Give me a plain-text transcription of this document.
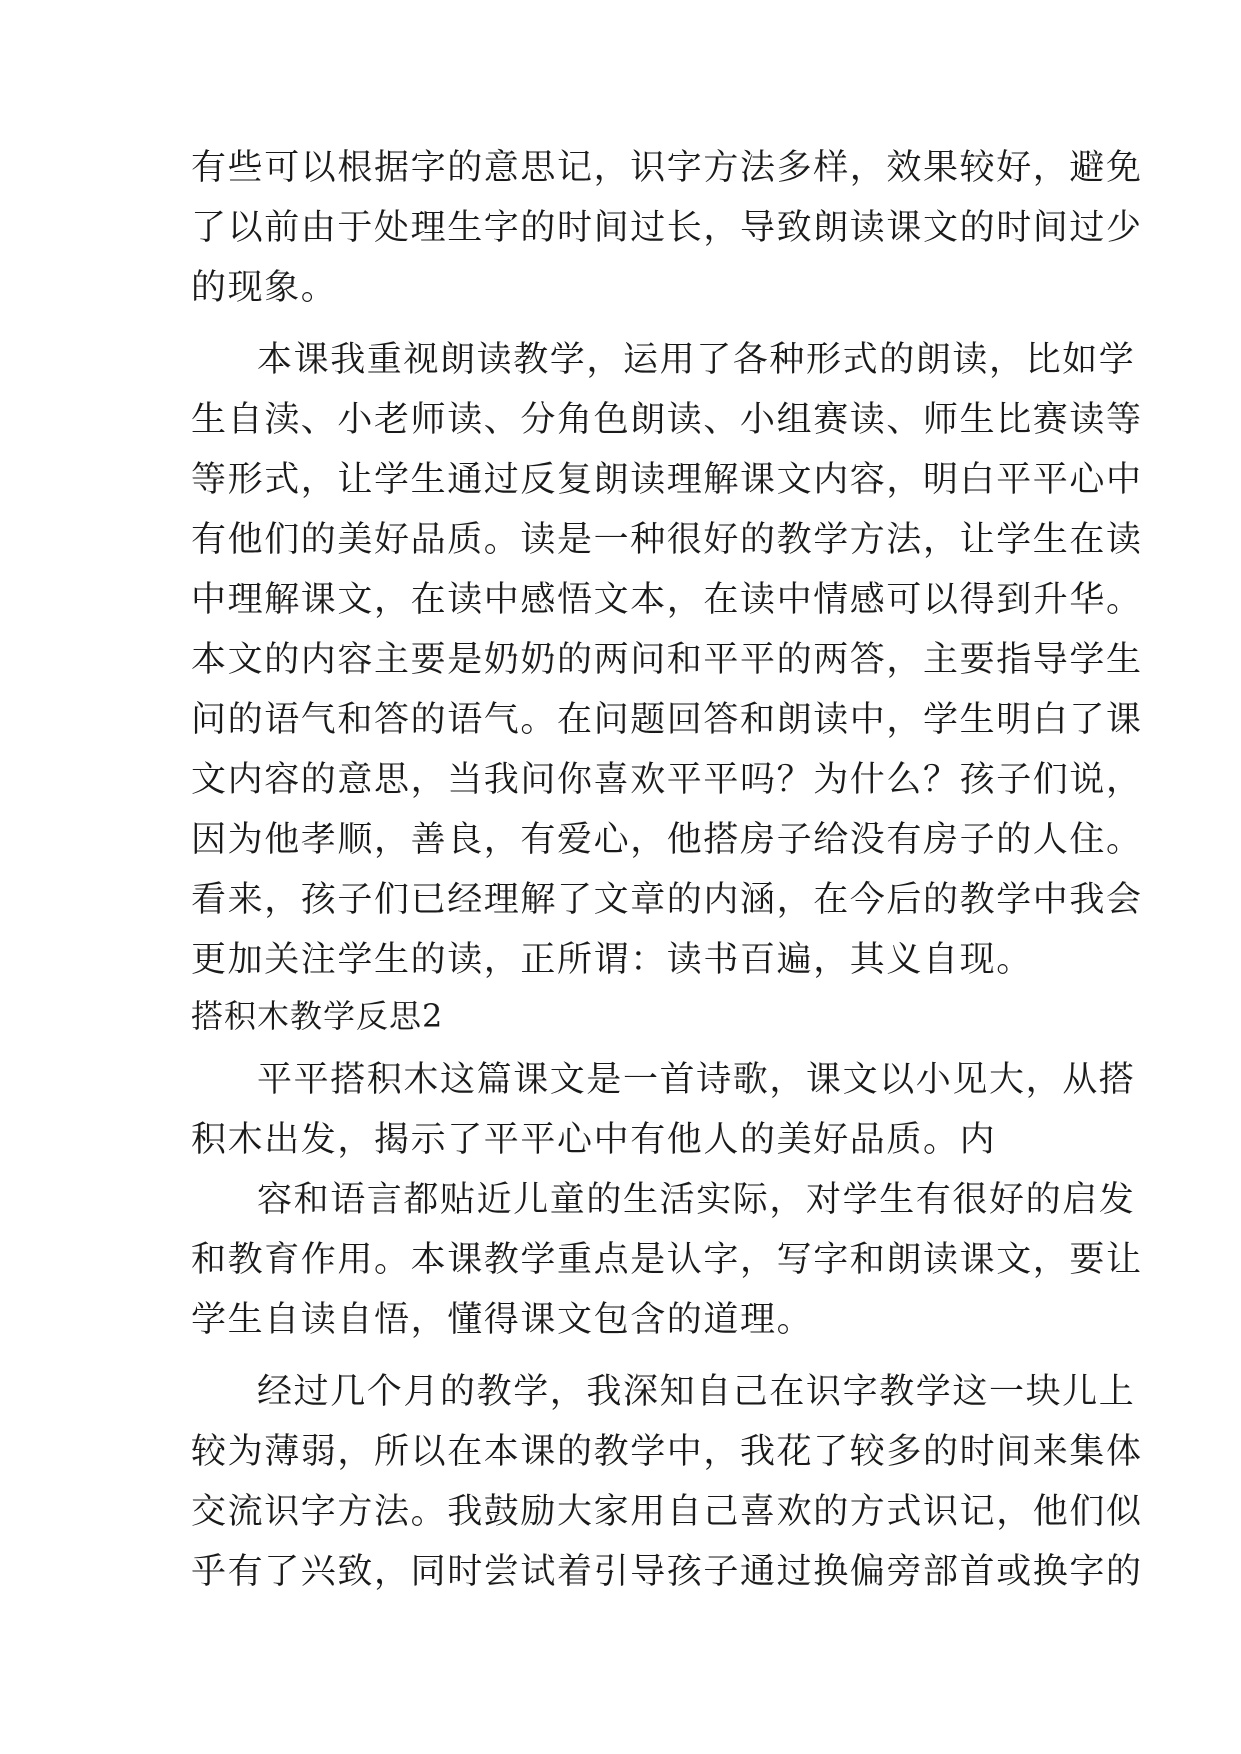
有些可以根据字的意思记，识字方法多样，效果较好，避免
了以前由于处理生字的时间过长，导致朗读课文的时间过少
的现象。
本课我重视朗读教学，运用了各种形式的朗读，比如学
生自渎、小老师读、分角色朗读、小组赛读、师生比赛读等
等形式，让学生通过反复朗读理解课文内容，明白平平心中
有他们的美好品质。读是一种很好的教学方法，让学生在读
中理解课文，在读中感悟文本，在读中情感可以得到升华。
本文的内容主要是奶奶的两问和平平的两答，主要指导学生
问的语气和答的语气。在问题回答和朗读中，学生明白了课
文内容的意思，当我问你喜欢平平吗？为什么？孩子们说，
因为他孝顺，善良，有爱心，他搭房子给没有房子的人住。
看来，孩子们已经理解了文章的内涵，在今后的教学中我会
更加关注学生的读，正所谓：读书百遍，其义自现。
搭积木教学反思2
平平搭积木这篇课文是一首诗歌，课文以小见大，从搭
积木出发，揭示了平平心中有他人的美好品质。内
容和语言都贴近儿童的生活实际，对学生有很好的启发
和教育作用。本课教学重点是认字，写字和朗读课文，要让
学生自读自悟，懂得课文包含的道理。
经过几个月的教学，我深知自己在识字教学这一块儿上
较为薄弱，所以在本课的教学中，我花了较多的时间来集体
交流识字方法。我鼓励大家用自己喜欢的方式识记，他们似
乎有了兴致，同时尝试着引导孩子通过换偏旁部首或换字的
